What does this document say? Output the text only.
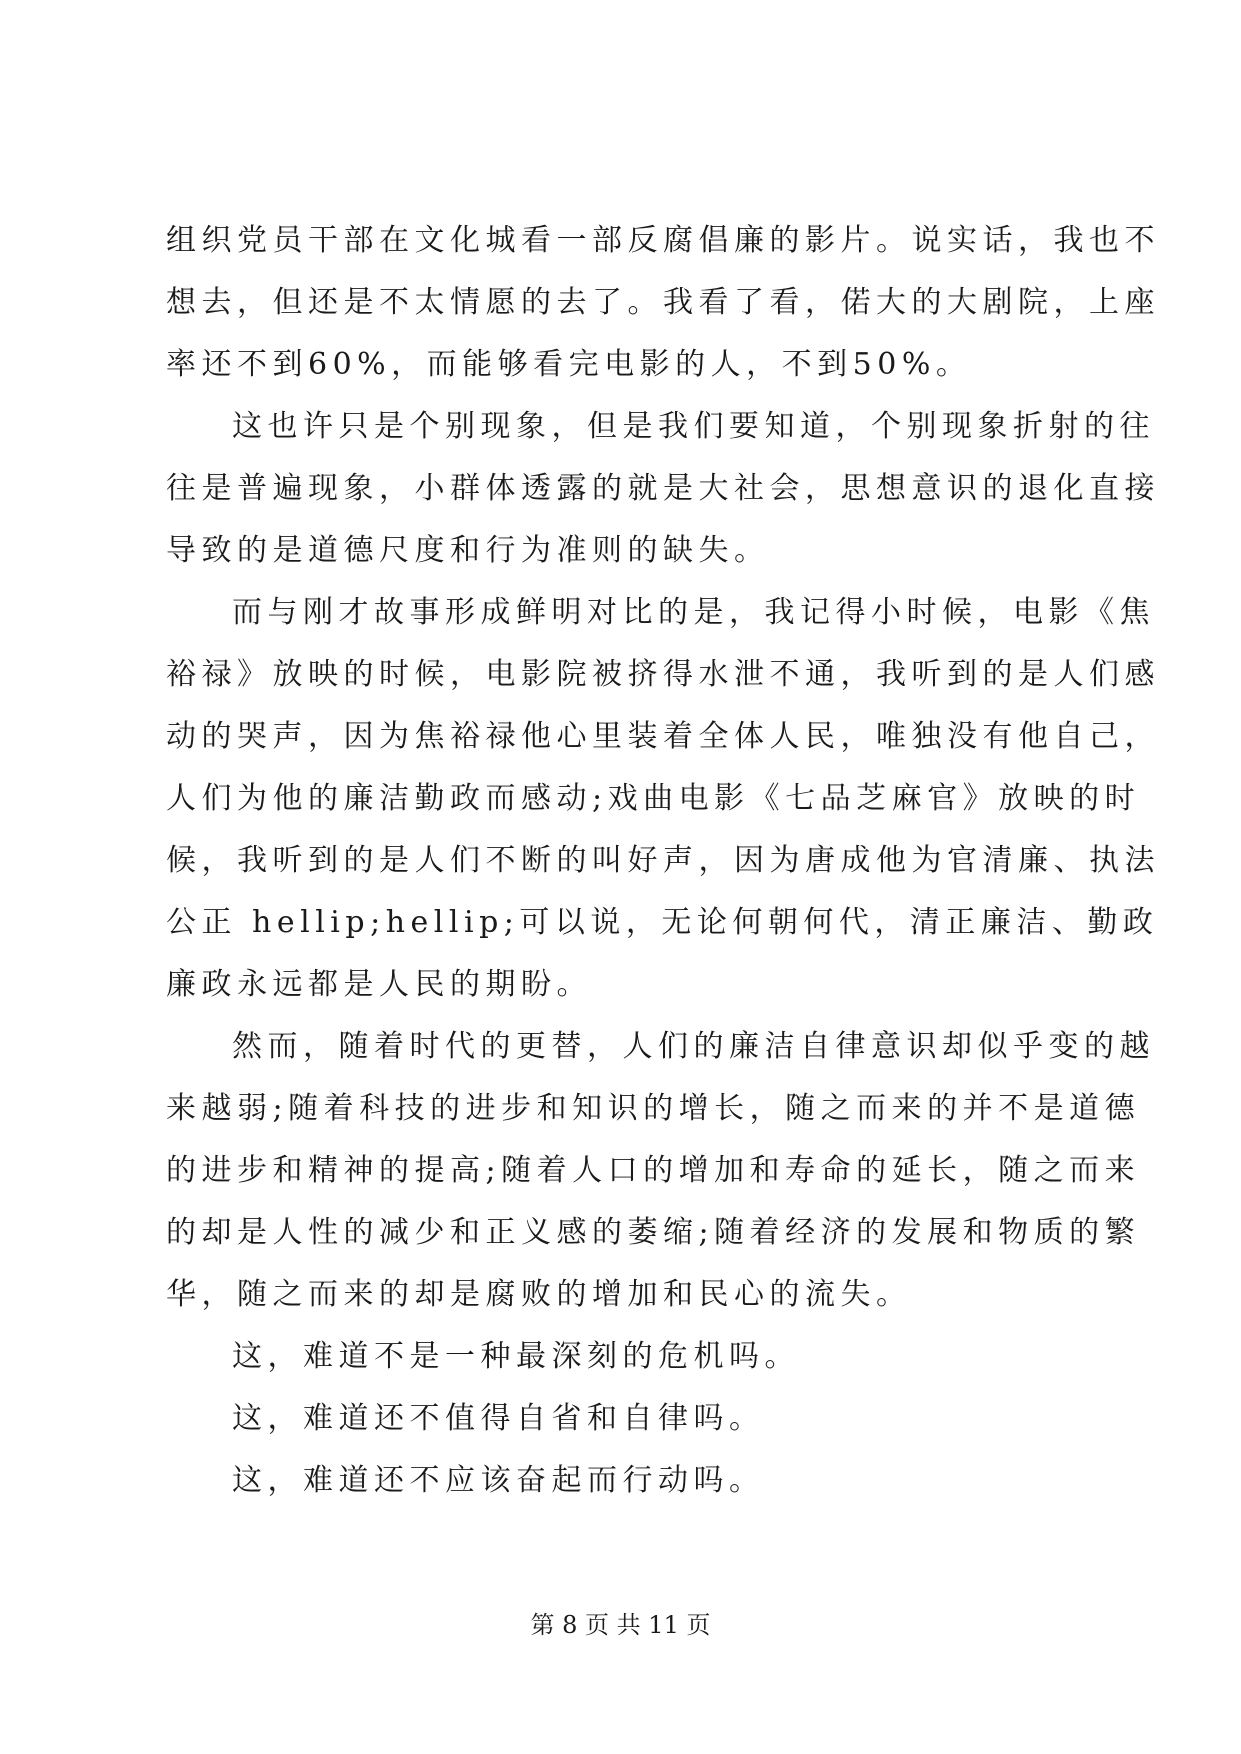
组织党员干部在文化城看一部反腐倡廉的影片。说实话，我也不
想去，但还是不太情愿的去了。我看了看，偌大的大剧院，上座
率还不到60%，而能够看完电影的人，不到50%。
这也许只是个别现象，但是我们要知道，个别现象折射的往
往是普遍现象，小群体透露的就是大社会，思想意识的退化直接
导致的是道德尺度和行为准则的缺失。
而与刚才故事形成鲜明对比的是，我记得小时候，电影《焦
裕禄》放映的时候，电影院被挤得水泄不通，我听到的是人们感
动的哭声，因为焦裕禄他心里装着全体人民，唯独没有他自己，
人们为他的廉洁勤政而感动;戏曲电影《七品芝麻官》放映的时
候，我听到的是人们不断的叫好声，因为唐成他为官清廉、执法
公正 hellip;hellip;可以说，无论何朝何代，清正廉洁、勤政
廉政永远都是人民的期盼。
然而，随着时代的更替，人们的廉洁自律意识却似乎变的越
来越弱;随着科技的进步和知识的增长，随之而来的并不是道德
的进步和精神的提高;随着人口的增加和寿命的延长，随之而来
的却是人性的减少和正义感的萎缩;随着经济的发展和物质的繁
华，随之而来的却是腐败的增加和民心的流失。
这，难道不是一种最深刻的危机吗。
这，难道还不值得自省和自律吗。
这，难道还不应该奋起而行动吗。
第 8 页 共 11 页
